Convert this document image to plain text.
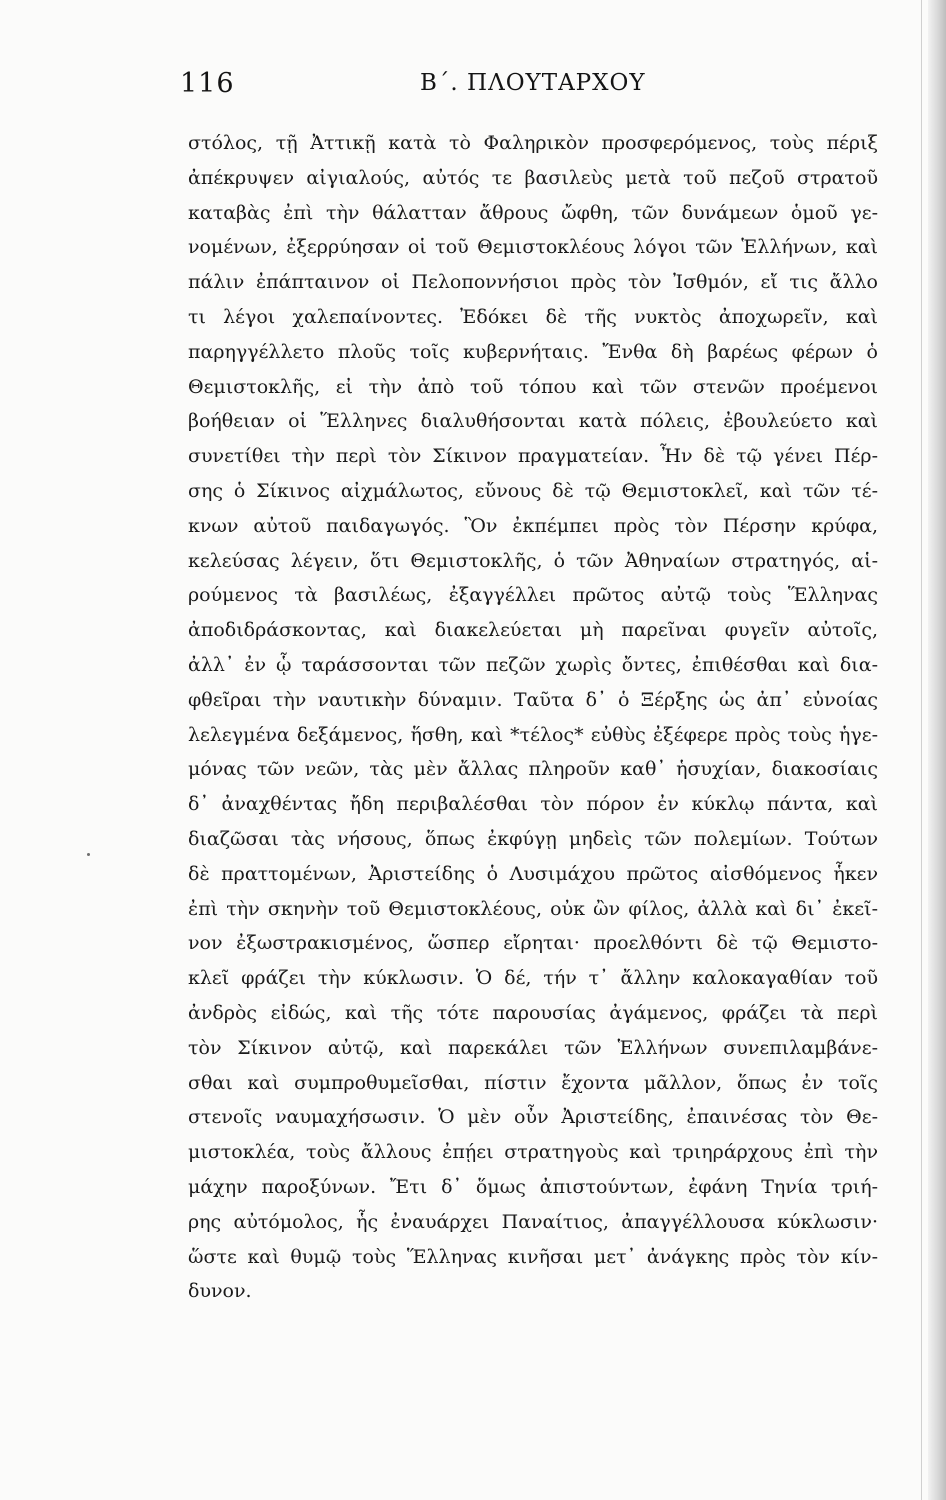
116	Β΄. ΠΛΟΥΤΑΡΧΟΥ
στόλος, τῇ Ἀττικῇ κατὰ τὸ Φαληρικὸν προσφερόμενος, τοὺς πέριξ
ἀπέκρυψεν αἰγιαλούς, αὐτός τε βασιλεὺς μετὰ τοῦ πεζοῦ στρατοῦ
καταβὰς ἐπὶ τὴν θάλατταν ἄθρους ὤφθη, τῶν δυνάμεων ὁμοῦ γε-
νομένων, ἐξερρύησαν οἱ τοῦ Θεμιστοκλέους λόγοι τῶν Ἑλλήνων, καὶ
πάλιν ἐπάπταινον οἱ Πελοποννήσιοι πρὸς τὸν Ἰσθμόν, εἴ τις ἄλλο
τι λέγοι χαλεπαίνοντες. Ἐδόκει δὲ τῆς νυκτὸς ἀποχωρεῖν, καὶ
παρηγγέλλετο πλοῦς τοῖς κυβερνήταις. Ἔνθα δὴ βαρέως φέρων ὁ
Θεμιστοκλῆς, εἰ τὴν ἀπὸ τοῦ τόπου καὶ τῶν στενῶν προέμενοι
βοήθειαν οἱ Ἕλληνες διαλυθήσονται κατὰ πόλεις, ἐβουλεύετο καὶ
συνετίθει τὴν περὶ τὸν Σίκινον πραγματείαν. Ἦν δὲ τῷ γένει Πέρ-
σης ὁ Σίκινος αἰχμάλωτος, εὔνους δὲ τῷ Θεμιστοκλεῖ, καὶ τῶν τέ-
κνων αὐτοῦ παιδαγωγός. Ὃν ἐκπέμπει πρὸς τὸν Πέρσην κρύφα,
κελεύσας λέγειν, ὅτι Θεμιστοκλῆς, ὁ τῶν Ἀθηναίων στρατηγός, αἱ-
ρούμενος τὰ βασιλέως, ἐξαγγέλλει πρῶτος αὐτῷ τοὺς Ἕλληνας
ἀποδιδράσκοντας, καὶ διακελεύεται μὴ παρεῖναι φυγεῖν αὐτοῖς,
ἀλλ᾽ ἐν ᾧ ταράσσονται τῶν πεζῶν χωρὶς ὄντες, ἐπιθέσθαι καὶ δια-
φθεῖραι τὴν ναυτικὴν δύναμιν. Ταῦτα δ᾽ ὁ Ξέρξης ὡς ἀπ᾽ εὐνοίας
λελεγμένα δεξάμενος, ἥσθη, καὶ *τέλος* εὐθὺς ἐξέφερε πρὸς τοὺς ἡγε-
μόνας τῶν νεῶν, τὰς μὲν ἄλλας πληροῦν καθ᾽ ἡσυχίαν, διακοσίαις
δ᾽ ἀναχθέντας ἤδη περιβαλέσθαι τὸν πόρον ἐν κύκλῳ πάντα, καὶ
διαζῶσαι τὰς νήσους, ὅπως ἐκφύγῃ μηδεὶς τῶν πολεμίων. Τούτων
δὲ πραττομένων, Ἀριστείδης ὁ Λυσιμάχου πρῶτος αἰσθόμενος ἧκεν
ἐπὶ τὴν σκηνὴν τοῦ Θεμιστοκλέους, οὐκ ὢν φίλος, ἀλλὰ καὶ δι᾽ ἐκεῖ-
νον ἐξωστρακισμένος, ὥσπερ εἴρηται· προελθόντι δὲ τῷ Θεμιστο-
κλεῖ φράζει τὴν κύκλωσιν. Ὁ δέ, τήν τ᾽ ἄλλην καλοκαγαθίαν τοῦ
ἀνδρὸς εἰδώς, καὶ τῆς τότε παρουσίας ἀγάμενος, φράζει τὰ περὶ
τὸν Σίκινον αὐτῷ, καὶ παρεκάλει τῶν Ἑλλήνων συνεπιλαμβάνε-
σθαι καὶ συμπροθυμεῖσθαι, πίστιν ἔχοντα μᾶλλον, ὅπως ἐν τοῖς
στενοῖς ναυμαχήσωσιν. Ὁ μὲν οὖν Ἀριστείδης, ἐπαινέσας τὸν Θε-
μιστοκλέα, τοὺς ἄλλους ἐπῄει στρατηγοὺς καὶ τριηράρχους ἐπὶ τὴν
μάχην παροξύνων. Ἔτι δ᾽ ὅμως ἀπιστούντων, ἐφάνη Τηνία τριή-
ρης αὐτόμολος, ἧς ἐναυάρχει Παναίτιος, ἀπαγγέλλουσα κύκλωσιν·
ὥστε καὶ θυμῷ τοὺς Ἕλληνας κινῆσαι μετ᾽ ἀνάγκης πρὸς τὸν κίν-
δυνον.
